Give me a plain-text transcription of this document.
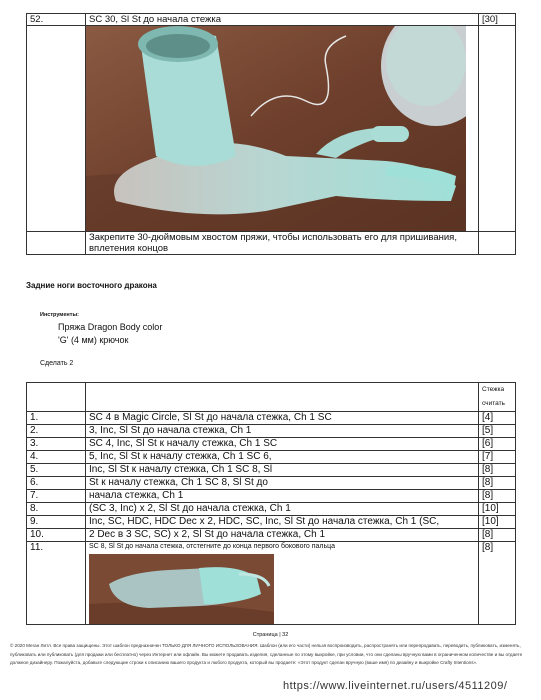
52.	SC 30, Sl St до начала стежка	[30]

	Закрепите 30-дюймовым хвостом пряжи, чтобы использовать его для пришивания, вплетения концов	
Задние ноги восточного дракона
Инструменты:
Пряжа Dragon Body color
'G' (4 мм) крючок
Сделать 2

		Стежка
считать

1.	SC 4 в Magic Circle, Sl St до начала стежка, Ch 1 SC	[4]
2.	3, Inc, Sl St до начала стежка, Ch 1	[5]
3.	SC 4, Inc, Sl St к началу стежка, Ch 1 SC	[6]
4.	5, Inc, Sl St к началу стежка, Ch 1 SC 6,	[7]
5.	Inc, Sl St к началу стежка, Ch 1 SC 8, Sl	[8]
6.	St к началу стежка, Ch 1 SC 8, Sl St до	[8]
7.	начала стежка, Ch 1	[8]
8.	(SC 3, Inc) x 2, Sl St до начала стежка, Ch 1	[10]
9.	Inc, SC, HDC, HDC Dec x 2, HDC, SC, Inc, Sl St до начала стежка, Ch 1 (SC,	[10]
10.	2 Dec в 3 SC, SC) x 2, Sl St до начала стежка, Ch 1	[8]
11.	SC 8, Sl St до начала стежка, отстегните до конца первого бокового пальца	[8]
Страница | 32
© 2020 Меган Литл. Все права защищены. Этот шаблон предназначен ТОЛЬКО ДЛЯ ЛИЧНОГО ИСПОЛЬЗОВАНИЯ. Шаблон (или его части) нельзя воспроизводить, распространять или перепродавать, переводить, публиковать, изменять, публиковать или публиковать (для продажи или бесплатно) через Интернет или офлайн. Вы можете продавать изделия, сделанные по этому выкройке, при условии, что они сделаны вручную вами в ограниченном количестве и вы отдаете должное дизайнеру. Пожалуйста, добавьте следующие строки к описанию вашего продукта и любого продукта, который вы продаете: «Этот продукт сделан вручную (ваше имя) по дизайну и выкройке Crafty Intentions».
https://www.liveinternet.ru/users/4511209/
